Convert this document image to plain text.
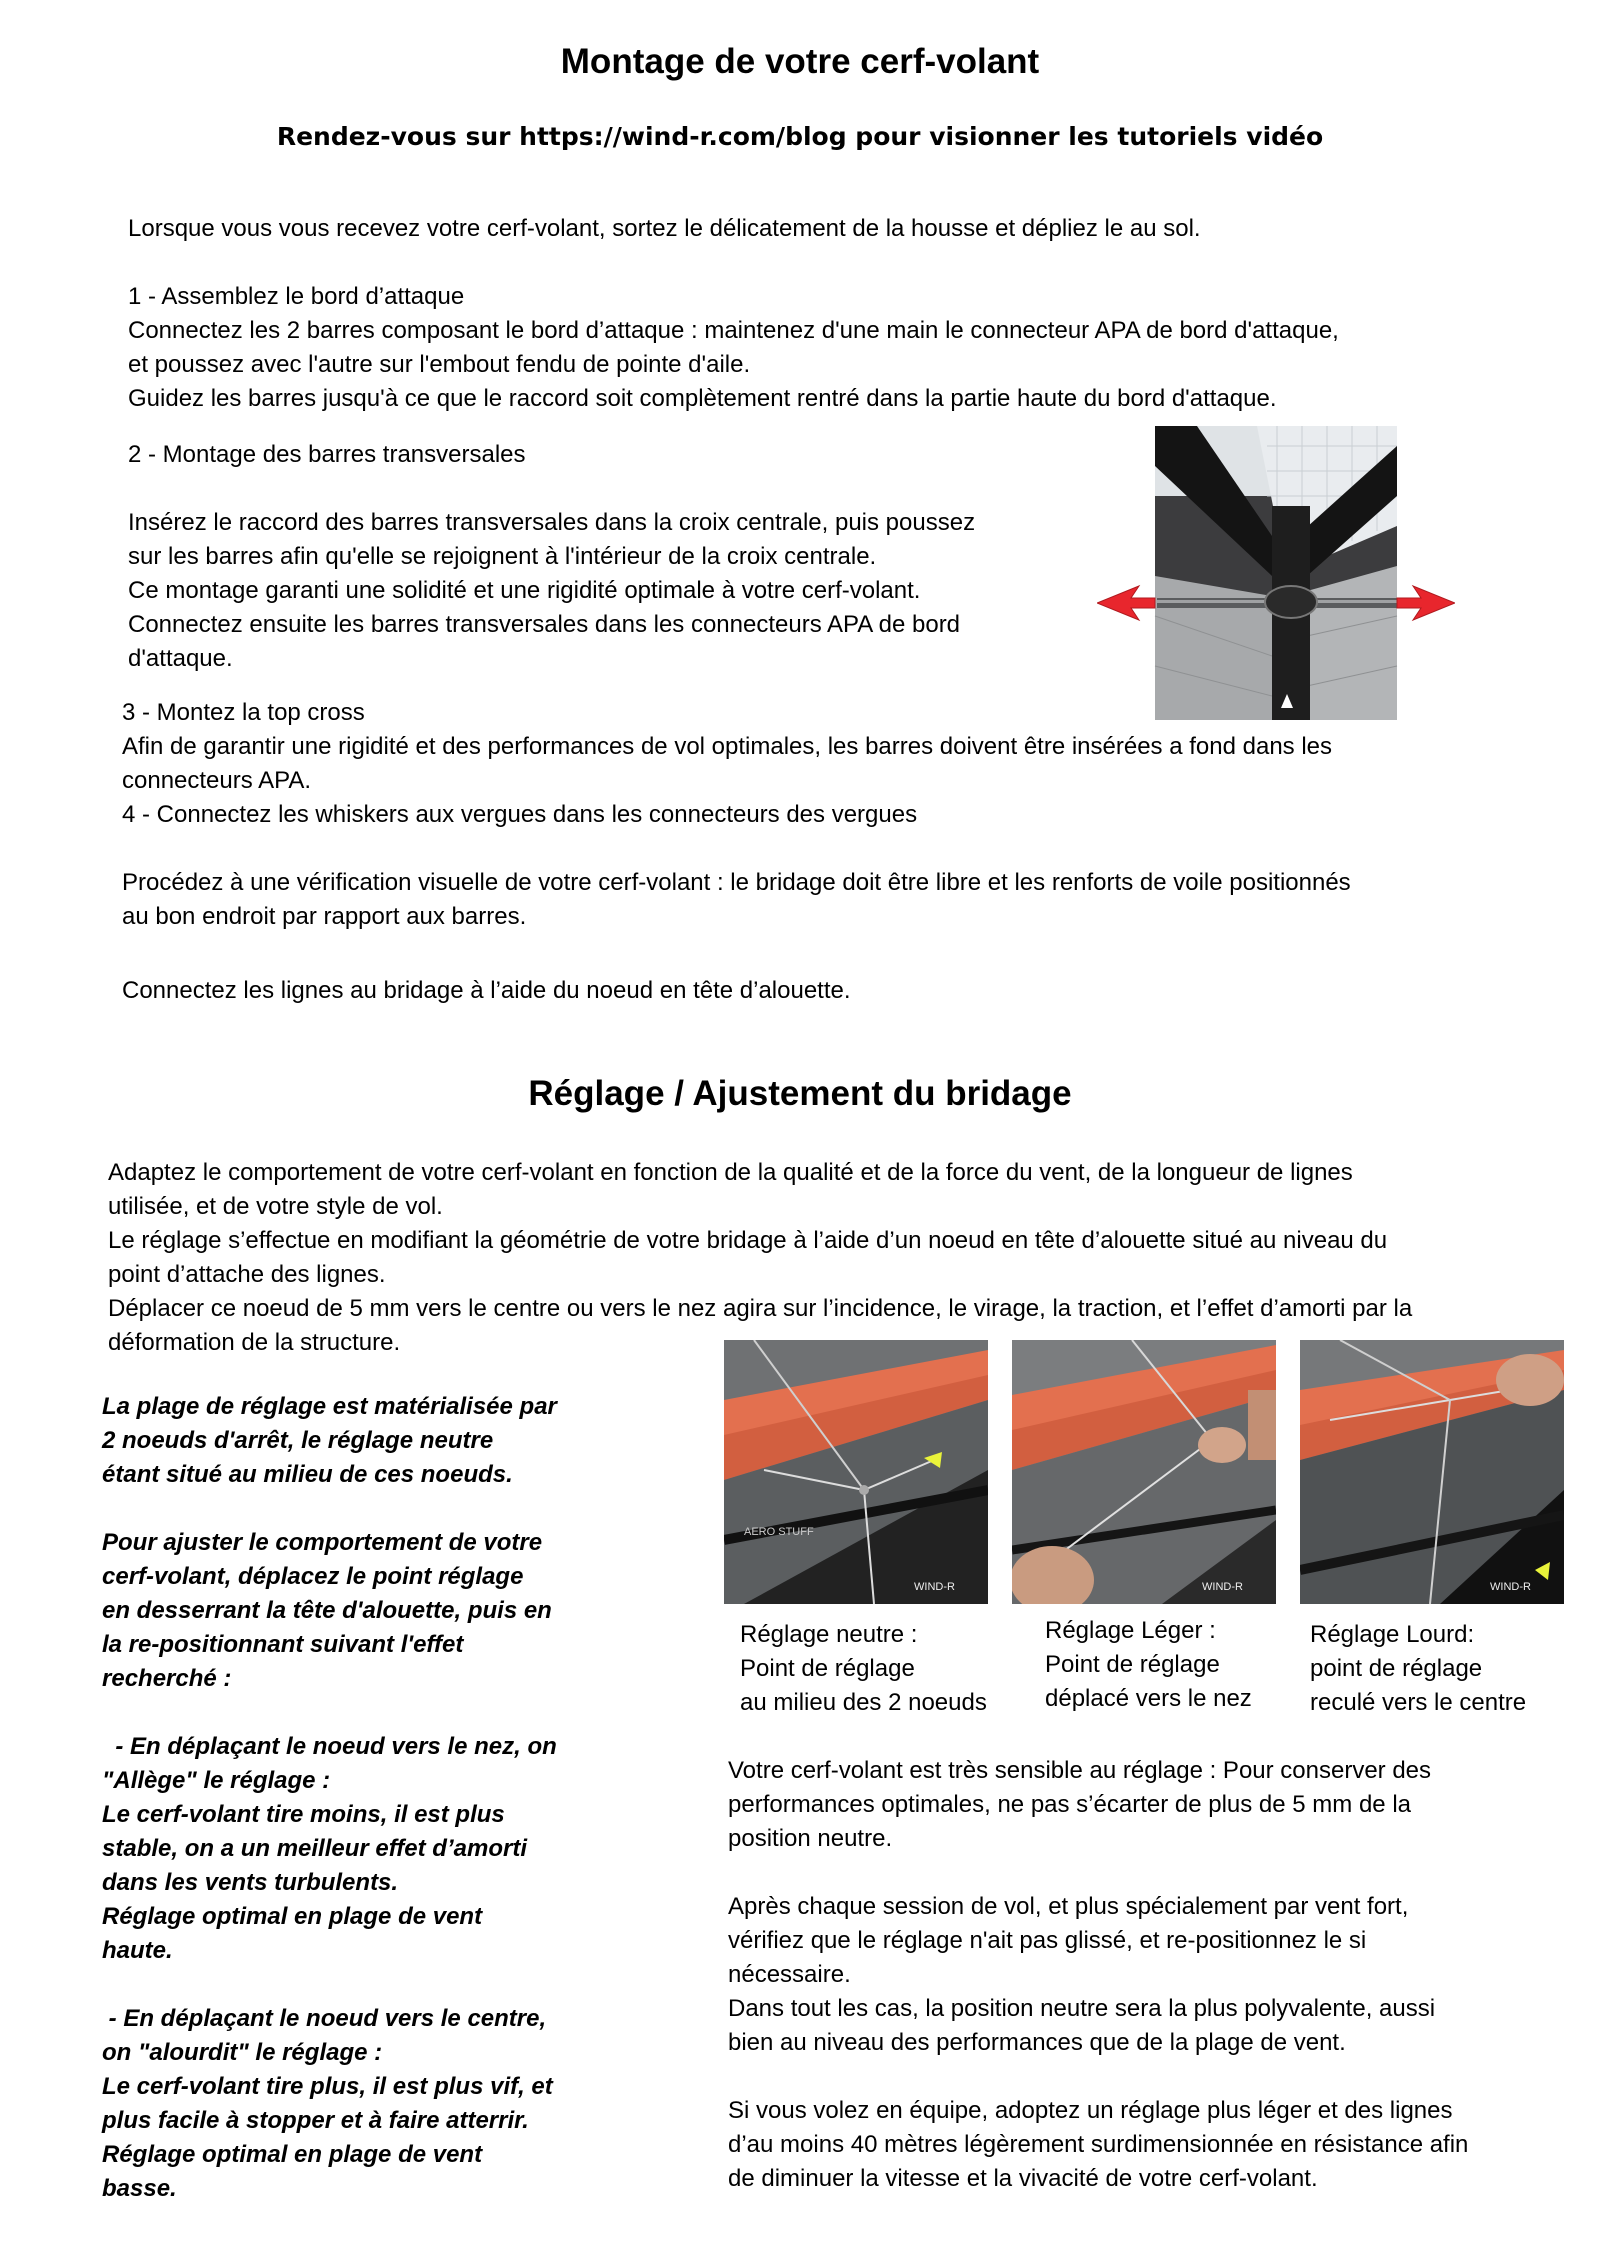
Montage de votre cerf-volant
Rendez-vous sur https://wind-r.com/blog pour visionner les tutoriels vidéo
Lorsque vous vous recevez votre cerf-volant, sortez le délicatement de la housse et dépliez le au sol.
1 - Assemblez le bord d’attaque
Connectez les 2 barres composant le bord d’attaque : maintenez d'une main le connecteur APA de bord d'attaque,
et poussez avec l'autre sur l'embout fendu de pointe d'aile.
Guidez les barres jusqu'à ce que le raccord soit complètement rentré dans la partie haute du bord d'attaque.
2 - Montage des barres transversales
Insérez le raccord des barres transversales dans la croix centrale, puis poussez
sur les barres afin qu'elle se rejoignent à l'intérieur de la croix centrale.
Ce montage garanti une solidité et une rigidité optimale à votre cerf-volant.
Connectez ensuite les barres transversales dans les connecteurs APA de bord
d'attaque.
3 - Montez la top cross
Afin de garantir une rigidité et des performances de vol optimales, les barres doivent être insérées a fond dans les
connecteurs APA.
4 - Connectez les whiskers aux vergues dans les connecteurs des vergues
Procédez à une vérification visuelle de votre cerf-volant : le bridage doit être libre et les renforts de voile positionnés
au bon endroit par rapport aux barres.
Connectez les lignes au bridage à l’aide du noeud en tête d’alouette.
Réglage / Ajustement du bridage
Adaptez le comportement de votre cerf-volant en fonction de la qualité et de la force du vent, de la longueur de lignes
utilisée, et de votre style de vol.
Le réglage s’effectue en modifiant la géométrie de votre bridage à l’aide d’un noeud en tête d’alouette situé au niveau du
point d’attache des lignes.
Déplacer ce noeud de 5 mm vers le centre ou vers le nez agira sur l’incidence, le virage, la traction, et l’effet d’amorti par la
déformation de la structure.
La plage de réglage est matérialisée par
2 noeuds d'arrêt, le réglage neutre
étant situé au milieu de ces noeuds.
Pour ajuster le comportement de votre
cerf-volant, déplacez le point réglage
en desserrant la tête d'alouette, puis en
la re-positionnant suivant l'effet
recherché :
- En déplaçant le noeud vers le nez, on
"Allège" le réglage :
Le cerf-volant tire moins, il est plus
stable, on a un meilleur effet d’amorti
dans les vents turbulents.
Réglage optimal en plage de vent
haute.
- En déplaçant le noeud vers le centre,
on "alourdit" le réglage :
Le cerf-volant tire plus, il est plus vif, et
plus facile à stopper et à faire atterrir.
Réglage optimal en plage de vent
basse.
AERO STUFF
WIND-R	WIND-R	WIND-R
Réglage neutre :
Point de réglage
au milieu des 2 noeuds
Réglage Léger :
Point de réglage
déplacé vers le nez
Réglage Lourd:
point de réglage
reculé vers le centre
Votre cerf-volant est très sensible au réglage : Pour conserver des
performances optimales, ne pas s’écarter de plus de 5 mm de la
position neutre.
Après chaque session de vol, et plus spécialement par vent fort,
vérifiez que le réglage n'ait pas glissé, et re-positionnez le si
nécessaire.
Dans tout les cas, la position neutre sera la plus polyvalente, aussi
bien au niveau des performances que de la plage de vent.
Si vous volez en équipe, adoptez un réglage plus léger et des lignes
d’au moins 40 mètres légèrement surdimensionnée en résistance afin
de diminuer la vitesse et la vivacité de votre cerf-volant.
